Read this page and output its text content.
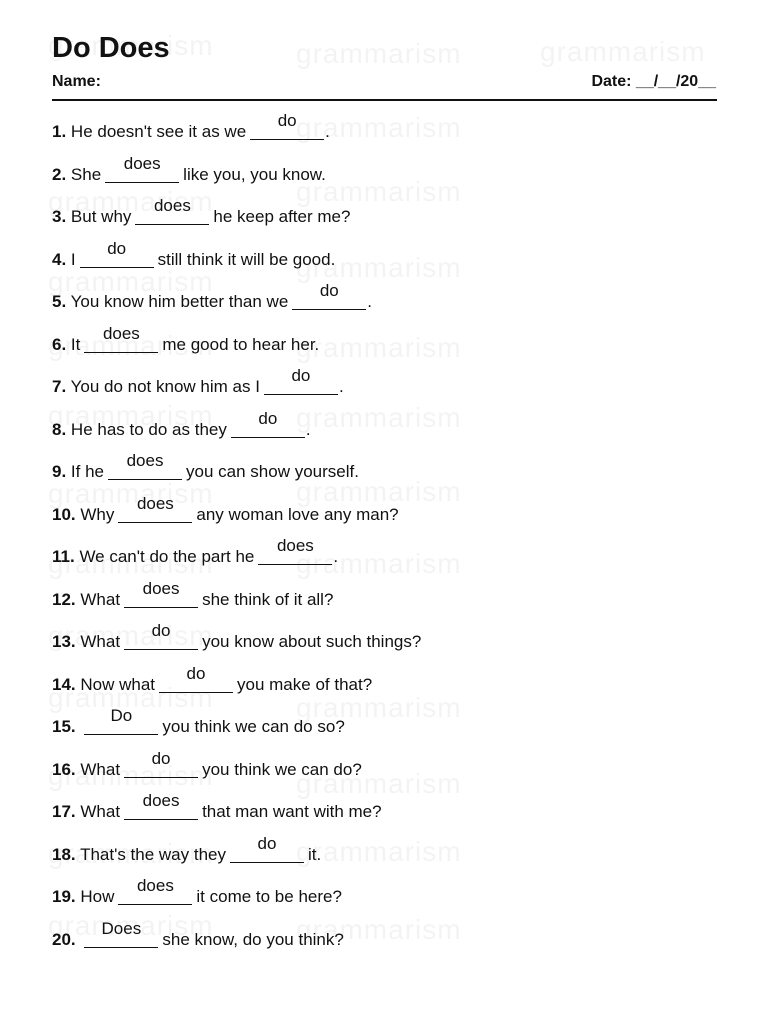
Do Does
Name:	Date: __/__/20__
1. He doesn't see it as we
do
.
2. She
does
like you, you know.
3. But why
does
he keep after me?
4. I
do
still think it will be good.
5. You know him better than we
do
.
6. It
does
me good to hear her.
7. You do not know him as I
do
.
8. He has to do as they
do
.
9. If he
does
you can show yourself.
10. Why
does
any woman love any man?
11. We can't do the part he
does
.
12. What
does
she think of it all?
13. What
do
you know about such things?
14. Now what
do
you make of that?
15.
Do
you think we can do so?
16. What
do
you think we can do?
17. What
does
that man want with me?
18. That's the way they
do
it.
19. How
does
it come to be here?
20.
Does
she know, do you think?
